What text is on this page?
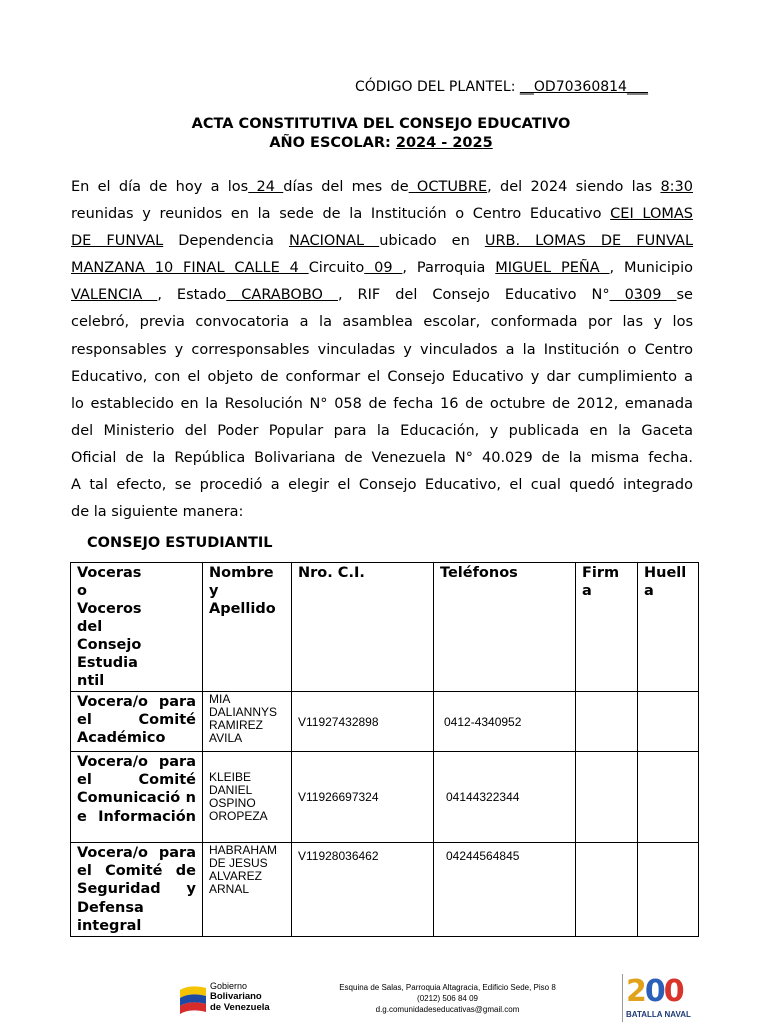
CÓDIGO DEL PLANTEL: __OD70360814___
ACTA CONSTITUTIVA DEL CONSEJO EDUCATIVO
AÑO ESCOLAR: 2024 - 2025
En el día de hoy a los 24 días del mes de OCTUBRE, del 2024 siendo las 8:30
reunidas y reunidos en la sede de la Institución o Centro Educativo CEI LOMAS
DE FUNVAL Dependencia NACIONAL ubicado en URB. LOMAS DE FUNVAL
MANZANA 10 FINAL CALLE 4 Circuito 09 , Parroquia MIGUEL PEÑA , Municipio
VALENCIA , Estado CARABOBO , RIF del Consejo Educativo N° 0309 se
celebró, previa convocatoria a la asamblea escolar, conformada por las y los
responsables y corresponsables vinculadas y vinculados a la Institución o Centro
Educativo, con el objeto de conformar el Consejo Educativo y dar cumplimiento a
lo establecido en la Resolución N° 058 de fecha 16 de octubre de 2012, emanada
del Ministerio del Poder Popular para la Educación, y publicada en la Gaceta
Oficial de la República Bolivariana de Venezuela N° 40.029 de la misma fecha.
A tal efecto, se procedió a elegir el Consejo Educativo, el cual quedó integrado
de la siguiente manera:
CONSEJO ESTUDIANTIL
Voceras o Voceros del Consejo Estudia ntil	Nombre y Apellido	Nro. C.I.	Teléfonos	Firm a	Huell a
Vocera/o para el Comité Académico	MIA DALIANNYS RAMIREZ AVILA	V11927432898	0412-4340952		
Vocera/o para el Comité Comunicació n e Información	KLEIBE DANIEL OSPINO OROPEZA	V11926697324	04144322344		
Vocera/o para el Comité de Seguridad y Defensa integral	HABRAHAM DE JESUS ALVAREZ ARNAL	V11928036462	04244564845		
Gobierno
Bolivariano
de Venezuela
Esquina de Salas, Parroquia Altagracia, Edificio Sede, Piso 8
(0212) 506 84 09
d.g.comunidadeseducativas@gmail.com
200
BATALLA NAVAL
